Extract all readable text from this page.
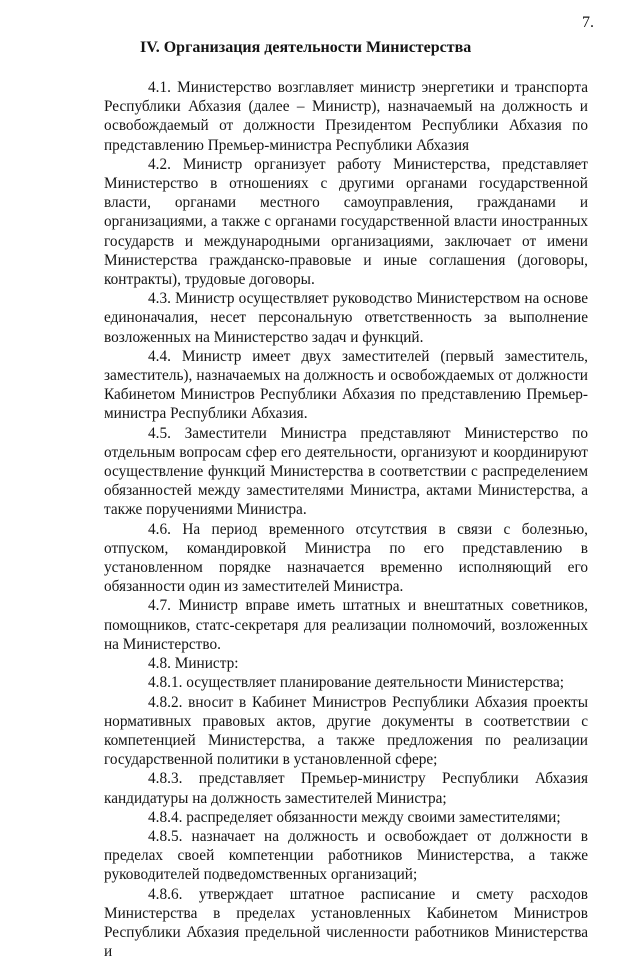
7.
IV. Организация деятельности Министерства

4.1. Министерство возглавляет министр энергетики и транспорта Республики Абхазия (далее – Министр), назначаемый на должность и освобождаемый от должности Президентом Республики Абхазия по представлению Премьер-министра Республики Абхазия

4.2. Министр организует работу Министерства, представляет Министерство в отношениях с другими органами государственной власти, органами местного самоуправления, гражданами и организациями, а также с органами государственной власти иностранных государств и международными организациями, заключает от имени Министерства гражданско-правовые и иные соглашения (договоры, контракты), трудовые договоры.

4.3. Министр осуществляет руководство Министерством на основе единоначалия, несет персональную ответственность за выполнение возложенных на Министерство задач и функций.

4.4. Министр имеет двух заместителей (первый заместитель, заместитель), назначаемых на должность и освобождаемых от должности Кабинетом Министров Республики Абхазия по представлению Премьер-министра Республики Абхазия.

4.5. Заместители Министра представляют Министерство по отдельным вопросам сфер его деятельности, организуют и координируют осуществление функций Министерства в соответствии с распределением обязанностей между заместителями Министра, актами Министерства, а также поручениями Министра.

4.6. На период временного отсутствия в связи с болезнью, отпуском, командировкой Министра по его представлению в установленном порядке назначается временно исполняющий его обязанности один из заместителей Министра.

4.7. Министр вправе иметь штатных и внештатных советников, помощников, статс-секретаря для реализации полномочий, возложенных на Министерство.

4.8. Министр:

4.8.1. осуществляет планирование деятельности Министерства;

4.8.2. вносит в Кабинет Министров Республики Абхазия проекты нормативных правовых актов, другие документы в соответствии с компетенцией Министерства, а также предложения по реализации государственной политики в установленной сфере;

4.8.3. представляет Премьер-министру Республики Абхазия кандидатуры на должность заместителей Министра;

4.8.4. распределяет обязанности между своими заместителями;

4.8.5. назначает на должность и освобождает от должности в пределах своей компетенции работников Министерства, а также руководителей подведомственных организаций;

4.8.6. утверждает штатное расписание и смету расходов Министерства в пределах установленных Кабинетом Министров Республики Абхазия предельной численности работников Министерства и
